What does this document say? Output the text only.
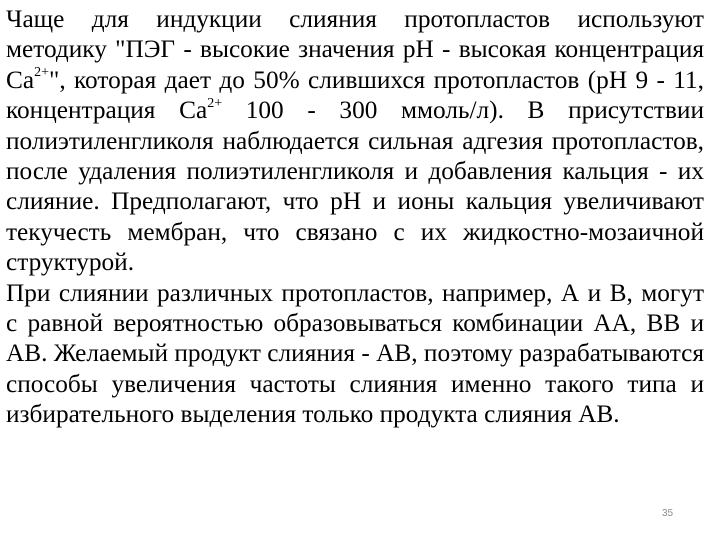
Чаще для индукции слияния протопластов используют методику "ПЭГ - высокие значения рН - высокая концентрация $Ca^{2+}$", которая дает до 50% слившихся протопластов (рН 9 - 11, концентрация $Са^{2+}$ 100 - 300 ммоль/л). В присутствии полиэтиленгликоля наблюдается сильная адгезия протопластов, после удаления полиэтиленгликоля и добавления кальция - их слияние. Предполагают, что рН и ионы кальция увеличивают текучесть мембран, что связано с их жидкостно-мозаичной структурой.

При слиянии различных протопластов, например, А и В, могут с равной вероятностью образовываться комбинации АА, ВВ и АВ. Желаемый продукт слияния - АВ, поэтому разрабатываются способы увеличения частоты слияния именно такого типа и избирательного выделения только продукта слияния АВ.

35
